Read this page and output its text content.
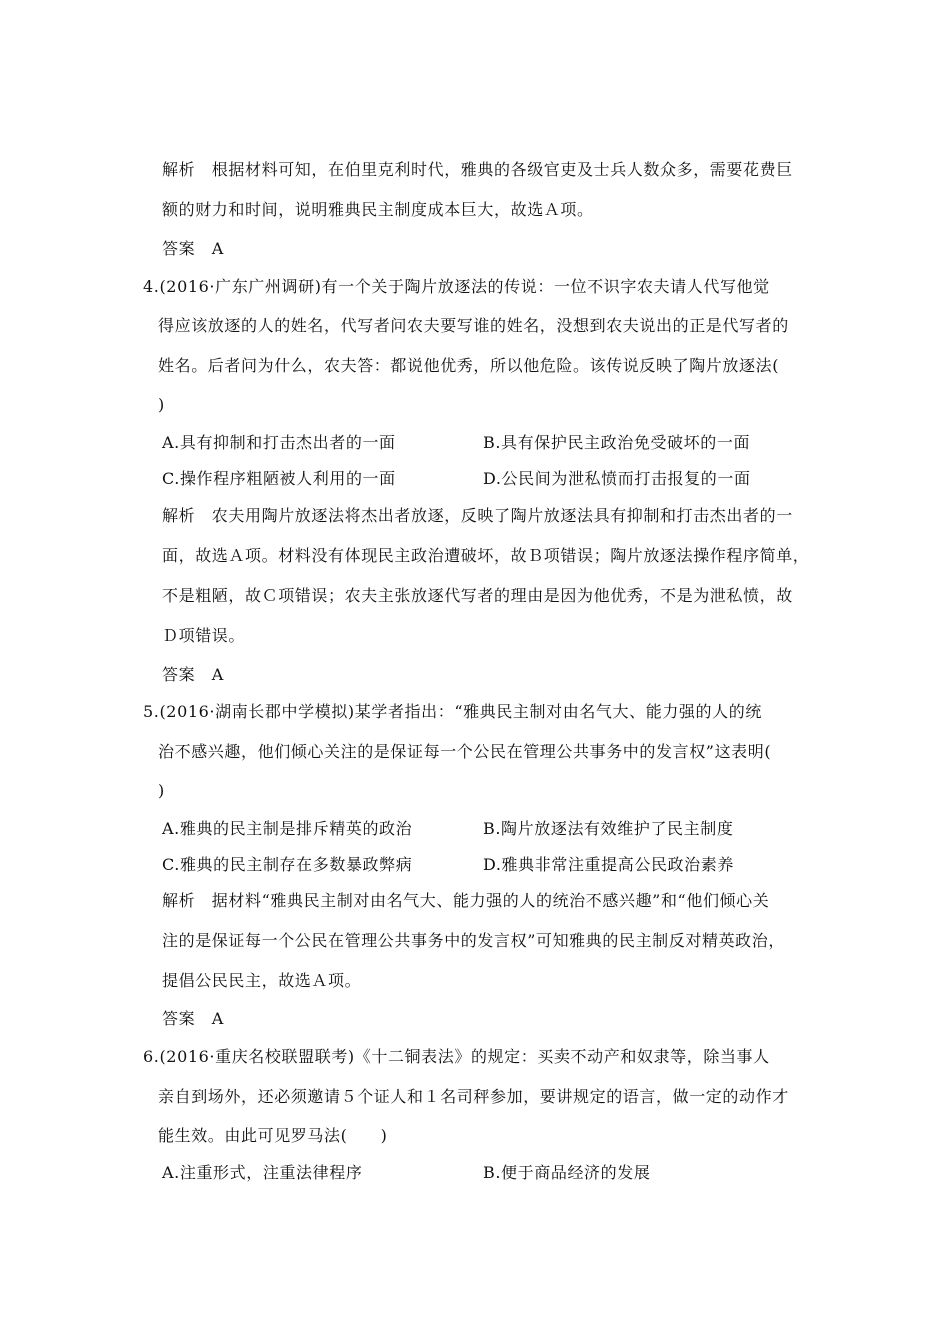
解析　根据材料可知，在伯里克利时代，雅典的各级官吏及士兵人数众多，需要花费巨
额的财力和时间，说明雅典民主制度成本巨大，故选Ａ项。
答案　A
4.(2016·广东广州调研)有一个关于陶片放逐法的传说：一位不识字农夫请人代写他觉
得应该放逐的人的姓名，代写者问农夫要写谁的姓名，没想到农夫说出的正是代写者的
姓名。后者问为什么，农夫答：都说他优秀，所以他危险。该传说反映了陶片放逐法(
)
A.具有抑制和打击杰出者的一面	B.具有保护民主政治免受破坏的一面
C.操作程序粗陋被人利用的一面	D.公民间为泄私愤而打击报复的一面
解析　农夫用陶片放逐法将杰出者放逐，反映了陶片放逐法具有抑制和打击杰出者的一
面，故选Ａ项。材料没有体现民主政治遭破坏，故Ｂ项错误；陶片放逐法操作程序简单，
不是粗陋，故Ｃ项错误；农夫主张放逐代写者的理由是因为他优秀，不是为泄私愤，故
Ｄ项错误。
答案　A
5.(2016·湖南长郡中学模拟)某学者指出：“雅典民主制对由名气大、能力强的人的统
治不感兴趣，他们倾心关注的是保证每一个公民在管理公共事务中的发言权”这表明(
)
A.雅典的民主制是排斥精英的政治	B.陶片放逐法有效维护了民主制度
C.雅典的民主制存在多数暴政弊病	D.雅典非常注重提高公民政治素养
解析　据材料“雅典民主制对由名气大、能力强的人的统治不感兴趣”和“他们倾心关
注的是保证每一个公民在管理公共事务中的发言权”可知雅典的民主制反对精英政治，
提倡公民民主，故选Ａ项。
答案　A
6.(2016·重庆名校联盟联考)《十二铜表法》的规定：买卖不动产和奴隶等，除当事人
亲自到场外，还必须邀请５个证人和１名司秤参加，要讲规定的语言，做一定的动作才
能生效。由此可见罗马法(　　)
A.注重形式，注重法律程序	B.便于商品经济的发展
